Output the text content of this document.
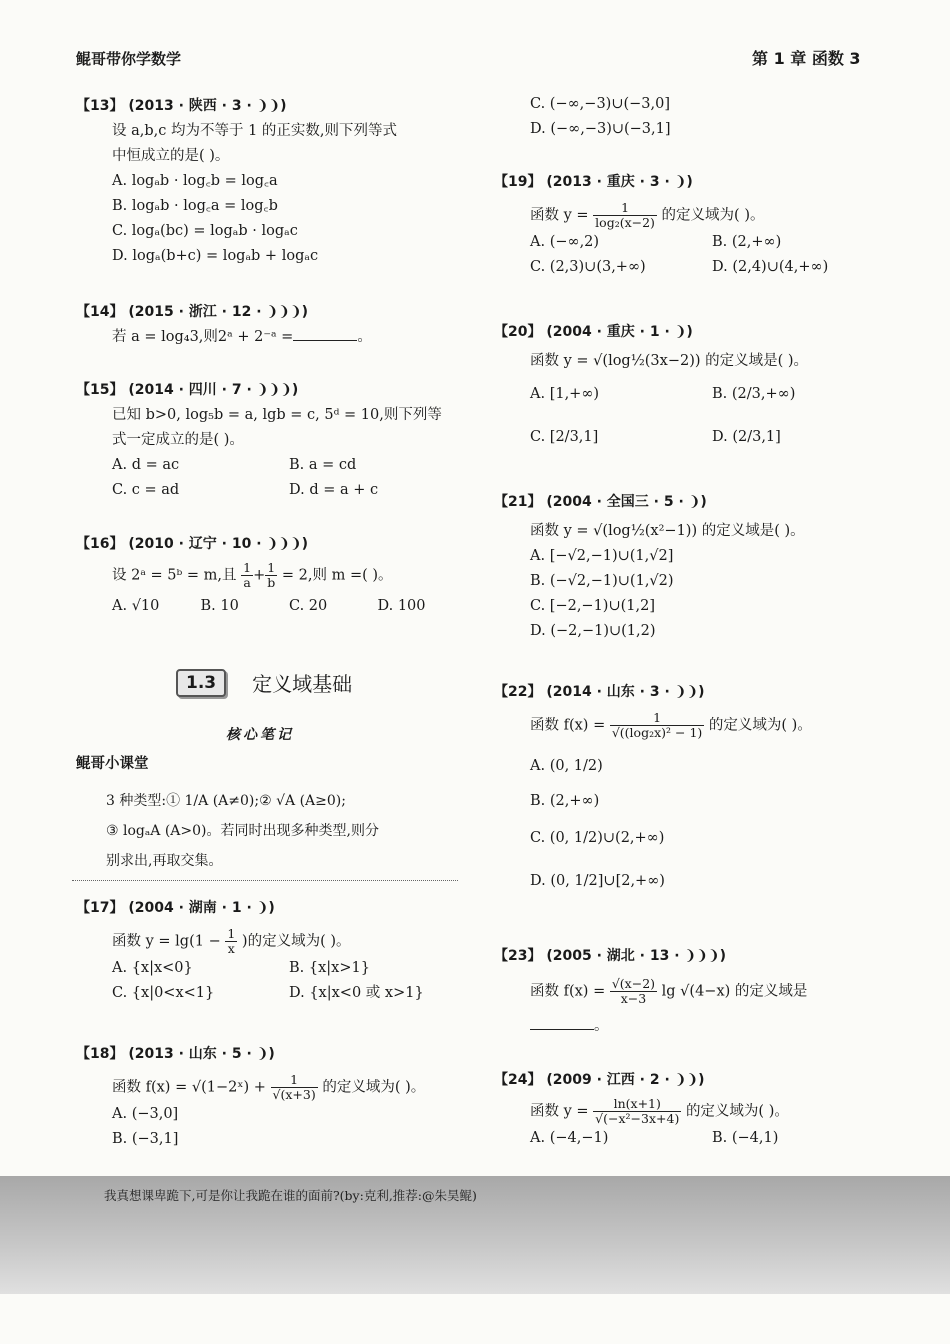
鲲哥带你学数学	第 1 章 函数 3
【13】 (2013 · 陕西 · 3 · ❩❩)
设 a,b,c 均为不等于 1 的正实数,则下列等式
中恒成立的是( )。
A. logₐb · log꜀b = log꜀a
B. logₐb · log꜀a = log꜀b
C. logₐ(bc) = logₐb · logₐc
D. logₐ(b+c) = logₐb + logₐc
【14】 (2015 · 浙江 · 12 · ❩❩❩)
若 a = log₄3,则2ᵃ + 2⁻ᵃ =	。
【15】 (2014 · 四川 · 7 · ❩❩❩)
已知 b>0, log₅b = a, lgb = c, 5ᵈ = 10,则下列等
式一定成立的是( )。
A. d = ac	B. a = cd
C. c = ad	D. d = a + c
【16】 (2010 · 辽宁 · 10 · ❩❩❩)
设 2ᵃ = 5ᵇ = m,且 $\frac{1}{a} + \frac{1}{b} = 2$,则 m =( )。
A. √10	B. 10	C. 20	D. 100
1.3	定义域基础
核心笔记
鲲哥小课堂
3 种类型:① 1/A (A≠0);② √A (A≥0);
③ logₐA (A>0)。若同时出现多种类型,则分
别求出,再取交集。
【17】 (2004 · 湖南 · 1 · ❩)
函数 $y = \lg(1 - \frac{1}{x}$ )的定义域为( )。
A. {x|x<0}	B. {x|x>1}
C. {x|0<x<1}	D. {x|x<0 或 x>1}
【18】 (2013 · 山东 · 5 · ❩)
函数 f(x) = √(1−2ˣ) + $\frac{1}{√(x+3)}$ 的定义域为( )。
A. (−3,0]
B. (−3,1]
C. (−∞,−3)∪(−3,0]
D. (−∞,−3)∪(−3,1]
【19】 (2013 · 重庆 · 3 · ❩)
函数 $y = \frac{1}{\text{log₂(x−2)}}$ 的定义域为( )。
A. (−∞,2)	B. (2,+∞)
C. (2,3)∪(3,+∞)	D. (2,4)∪(4,+∞)
【20】 (2004 · 重庆 · 1 · ❩)
函数 y = √(log½(3x−2)) 的定义域是( )。
A. [1,+∞)	B. (2/3,+∞)
C. [2/3,1]	D. (2/3,1]
【21】 (2004 · 全国三 · 5 · ❩)
函数 y = √(log½(x²−1)) 的定义域是( )。
A. [−√2,−1)∪(1,√2]
B. (−√2,−1)∪(1,√2)
C. [−2,−1)∪(1,2]
D. (−2,−1)∪(1,2)
【22】 (2014 · 山东 · 3 · ❩❩)
函数 $f(x) = \frac{1}{\text{√((log₂x)² − 1)}}$ 的定义域为( )。
A. (0, 1/2)
B. (2,+∞)
C. (0, 1/2)∪(2,+∞)
D. (0, 1/2]∪[2,+∞)
【23】 (2005 · 湖北 · 13 · ❩❩❩)
函数 $f(x) = \frac{√(x-2)}{x-3}$ lg √(4−x) 的定义域是
。
【24】 (2009 · 江西 · 2 · ❩❩)
函数 $y = \frac{\ln(x+1)}{\text{√(−x²−3x+4)}}$ 的定义域为( )。
A. (−4,−1)	B. (−4,1)
我真想课卑跪下,可是你让我跪在谁的面前?(by:克利,推荐:@朱昊鲲)
